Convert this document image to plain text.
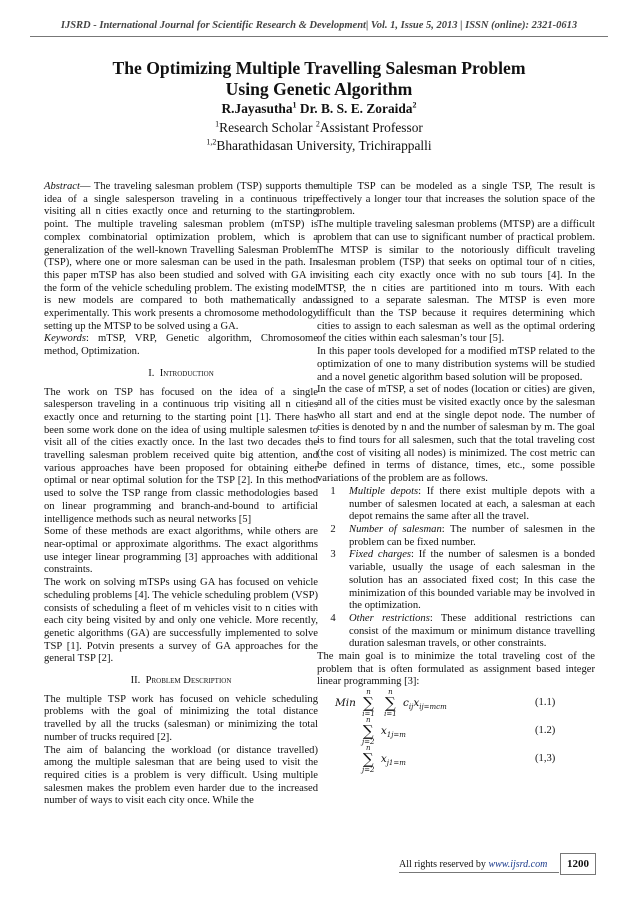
IJSRD - International Journal for Scientific Research & Development| Vol. 1, Issue 5, 2013 | ISSN (online): 2321-0613
The Optimizing Multiple Travelling Salesman Problem
Using Genetic Algorithm
R.Jayasutha$^1$ Dr. B. S. E. Zoraida$^2$
$^1$Research Scholar $^2$Assistant Professor
$^{1,2}$Bharathidasan University, Trichirappalli

Abstract— The traveling salesman problem (TSP) supports the idea of a single salesperson traveling in a continuous trip visiting all n cities exactly once and returning to the starting point. The multiple traveling salesman problem (mTSP) is complex combinatorial optimization problem, which is a generalization of the well-known Travelling Salesman Problem (TSP), where one or more salesman can be used in the path. In this paper mTSP has also been studied and solved with GA in the form of the vehicle scheduling problem. The existing model is new models are compared to both mathematically and experimentally. This work presents a chromosome methodology setting up the MTSP to be solved using a GA.

Keywords: mTSP, VRP, Genetic algorithm, Chromosome method, Optimization.

I. Introduction

The work on TSP has focused on the idea of a single salesperson traveling in a continuous trip visiting all n cities exactly once and returning to the starting point [1]. There has been some work done on the idea of using multiple salesmen to visit all of the cities exactly once. In the last two decades the travelling salesman problem received quite big attention, and various approaches have been proposed for obtaining either optimal or near optimal solution for the TSP [2]. In this method used to solve the TSP range from classic methodologies based on linear programming and branch-and-bound to artificial intelligence methods such as neural networks [5]

Some of these methods are exact algorithms, while others are near-optimal or approximate algorithms. The exact algorithms use integer linear programming [3] approaches with additional constraints.

The work on solving mTSPs using GA has focused on vehicle scheduling problems [4]. The vehicle scheduling problem (VSP) consists of scheduling a fleet of m vehicles visit to n cities with each city being visited by and only one vehicle. More recently, genetic algorithms (GA) are successfully implemented to solve TSP [1]. Potvin presents a survey of GA approaches for the general TSP [2].

II. Problem Description

The multiple TSP work has focused on vehicle scheduling problems with the goal of minimizing the total distance travelled by all the trucks (salesman) or minimizing the total number of trucks required [2].

The aim of balancing the workload (or distance travelled) among the multiple salesman that are being used to visit the required cities is a problem is very difficult. Using multiple salesmen makes the problem even harder due to the increased number of ways to visit each city once. While the

multiple TSP can be modeled as a single TSP, The result is effectively a longer tour that increases the solution space of the problem.

The multiple traveling salesman problems (MTSP) are a difficult problem that can use to significant number of practical problem. The MTSP is similar to the notoriously difficult traveling salesman problem (TSP) that seeks on optimal tour of n cities, visiting each city exactly once with no sub tours [4]. In the MTSP, the n cities are partitioned into m tours. With each assigned to a separate salesman. The MTSP is even more difficult than the TSP because it requires determining which cities to assign to each salesman as well as the optimal ordering of the cities within each salesman’s tour [5].

In this paper tools developed for a modified mTSP related to the optimization of one to many distribution systems will be studied and a novel genetic algorithm based solution will be proposed.

In the case of mTSP, a set of nodes (location or cities) are given, and all of the cities must be visited exactly once by the salesman who all start and end at the single depot node. The number of cities is denoted by n and the number of salesman by m. The goal is to find tours for all salesmen, such that the total traveling cost (the cost of visiting all nodes) is minimized. The cost metric can be defined in terms of distance, times, etc., some possible variations of the problem are as follows.

1	Multiple depots: If there exist multiple depots with a number of salesmen located at each, a salesman at each depot remains the same after all the travel.
2	Number of salesman: The number of salesmen in the problem can be fixed number.
3	Fixed charges: If the number of salesmen is a bonded variable, usually the usage of each salesman in the solution has an associated fixed cost; In this case the minimization of this bounded variable may be involved in the optimization.
4	Other restrictions: These additional restrictions can consist of the maximum or minimum distance travelling duration salesman travels, or other constraints.

The main goal is to minimize the total traveling cost of the problem that is often formulated as assignment based integer linear programming [3]:

Min
n
∑
i=1

n
∑
i=1
$c_{ij}x_{ij=mcm}$	(1.1)
n
∑
j=2
$x_{1j=m}$	(1.2)
n
∑
j=2
$x_{j1=m}$	(1,3)
All rights reserved by www.ijsrd.com	1200
